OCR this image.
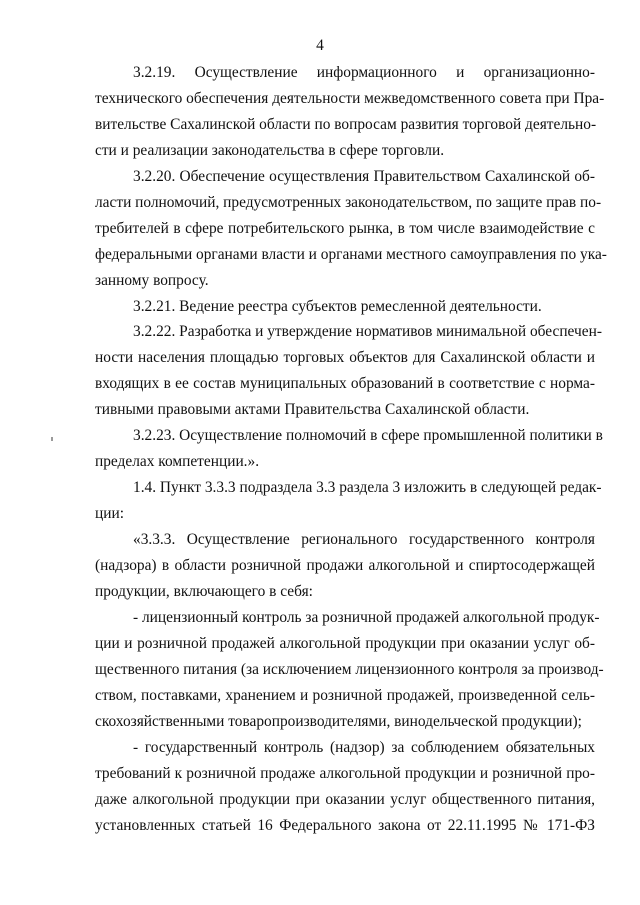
4
3.2.19. Осуществление информационного и организационно-
технического обеспечения деятельности межведомственного совета при Пра-
вительстве Сахалинской области по вопросам развития торговой деятельно-
сти и реализации законодательства в сфере торговли.
3.2.20. Обеспечение осуществления Правительством Сахалинской об-
ласти полномочий, предусмотренных законодательством, по защите прав по-
требителей в сфере потребительского рынка, в том числе взаимодействие с
федеральными органами власти и органами местного самоуправления по ука-
занному вопросу.
3.2.21. Ведение реестра субъектов ремесленной деятельности.
3.2.22. Разработка и утверждение нормативов минимальной обеспечен-
ности населения площадью торговых объектов для Сахалинской области и
входящих в ее состав муниципальных образований в соответствие с норма-
тивными правовыми актами Правительства Сахалинской области.
3.2.23. Осуществление полномочий в сфере промышленной политики в
пределах компетенции.».
1.4. Пункт 3.3.3 подраздела 3.3 раздела 3 изложить в следующей редак-
ции:
«3.3.3. Осуществление регионального государственного контроля
(надзора) в области розничной продажи алкогольной и спиртосодержащей
продукции, включающего в себя:
- лицензионный контроль за розничной продажей алкогольной продук-
ции и розничной продажей алкогольной продукции при оказании услуг об-
щественного питания (за исключением лицензионного контроля за производ-
ством, поставками, хранением и розничной продажей, произведенной сель-
скохозяйственными товаропроизводителями, винодельческой продукции);
- государственный контроль (надзор) за соблюдением обязательных
требований к розничной продаже алкогольной продукции и розничной про-
даже алкогольной продукции при оказании услуг общественного питания,
установленных статьей 16 Федерального закона от 22.11.1995 № 171-ФЗ
